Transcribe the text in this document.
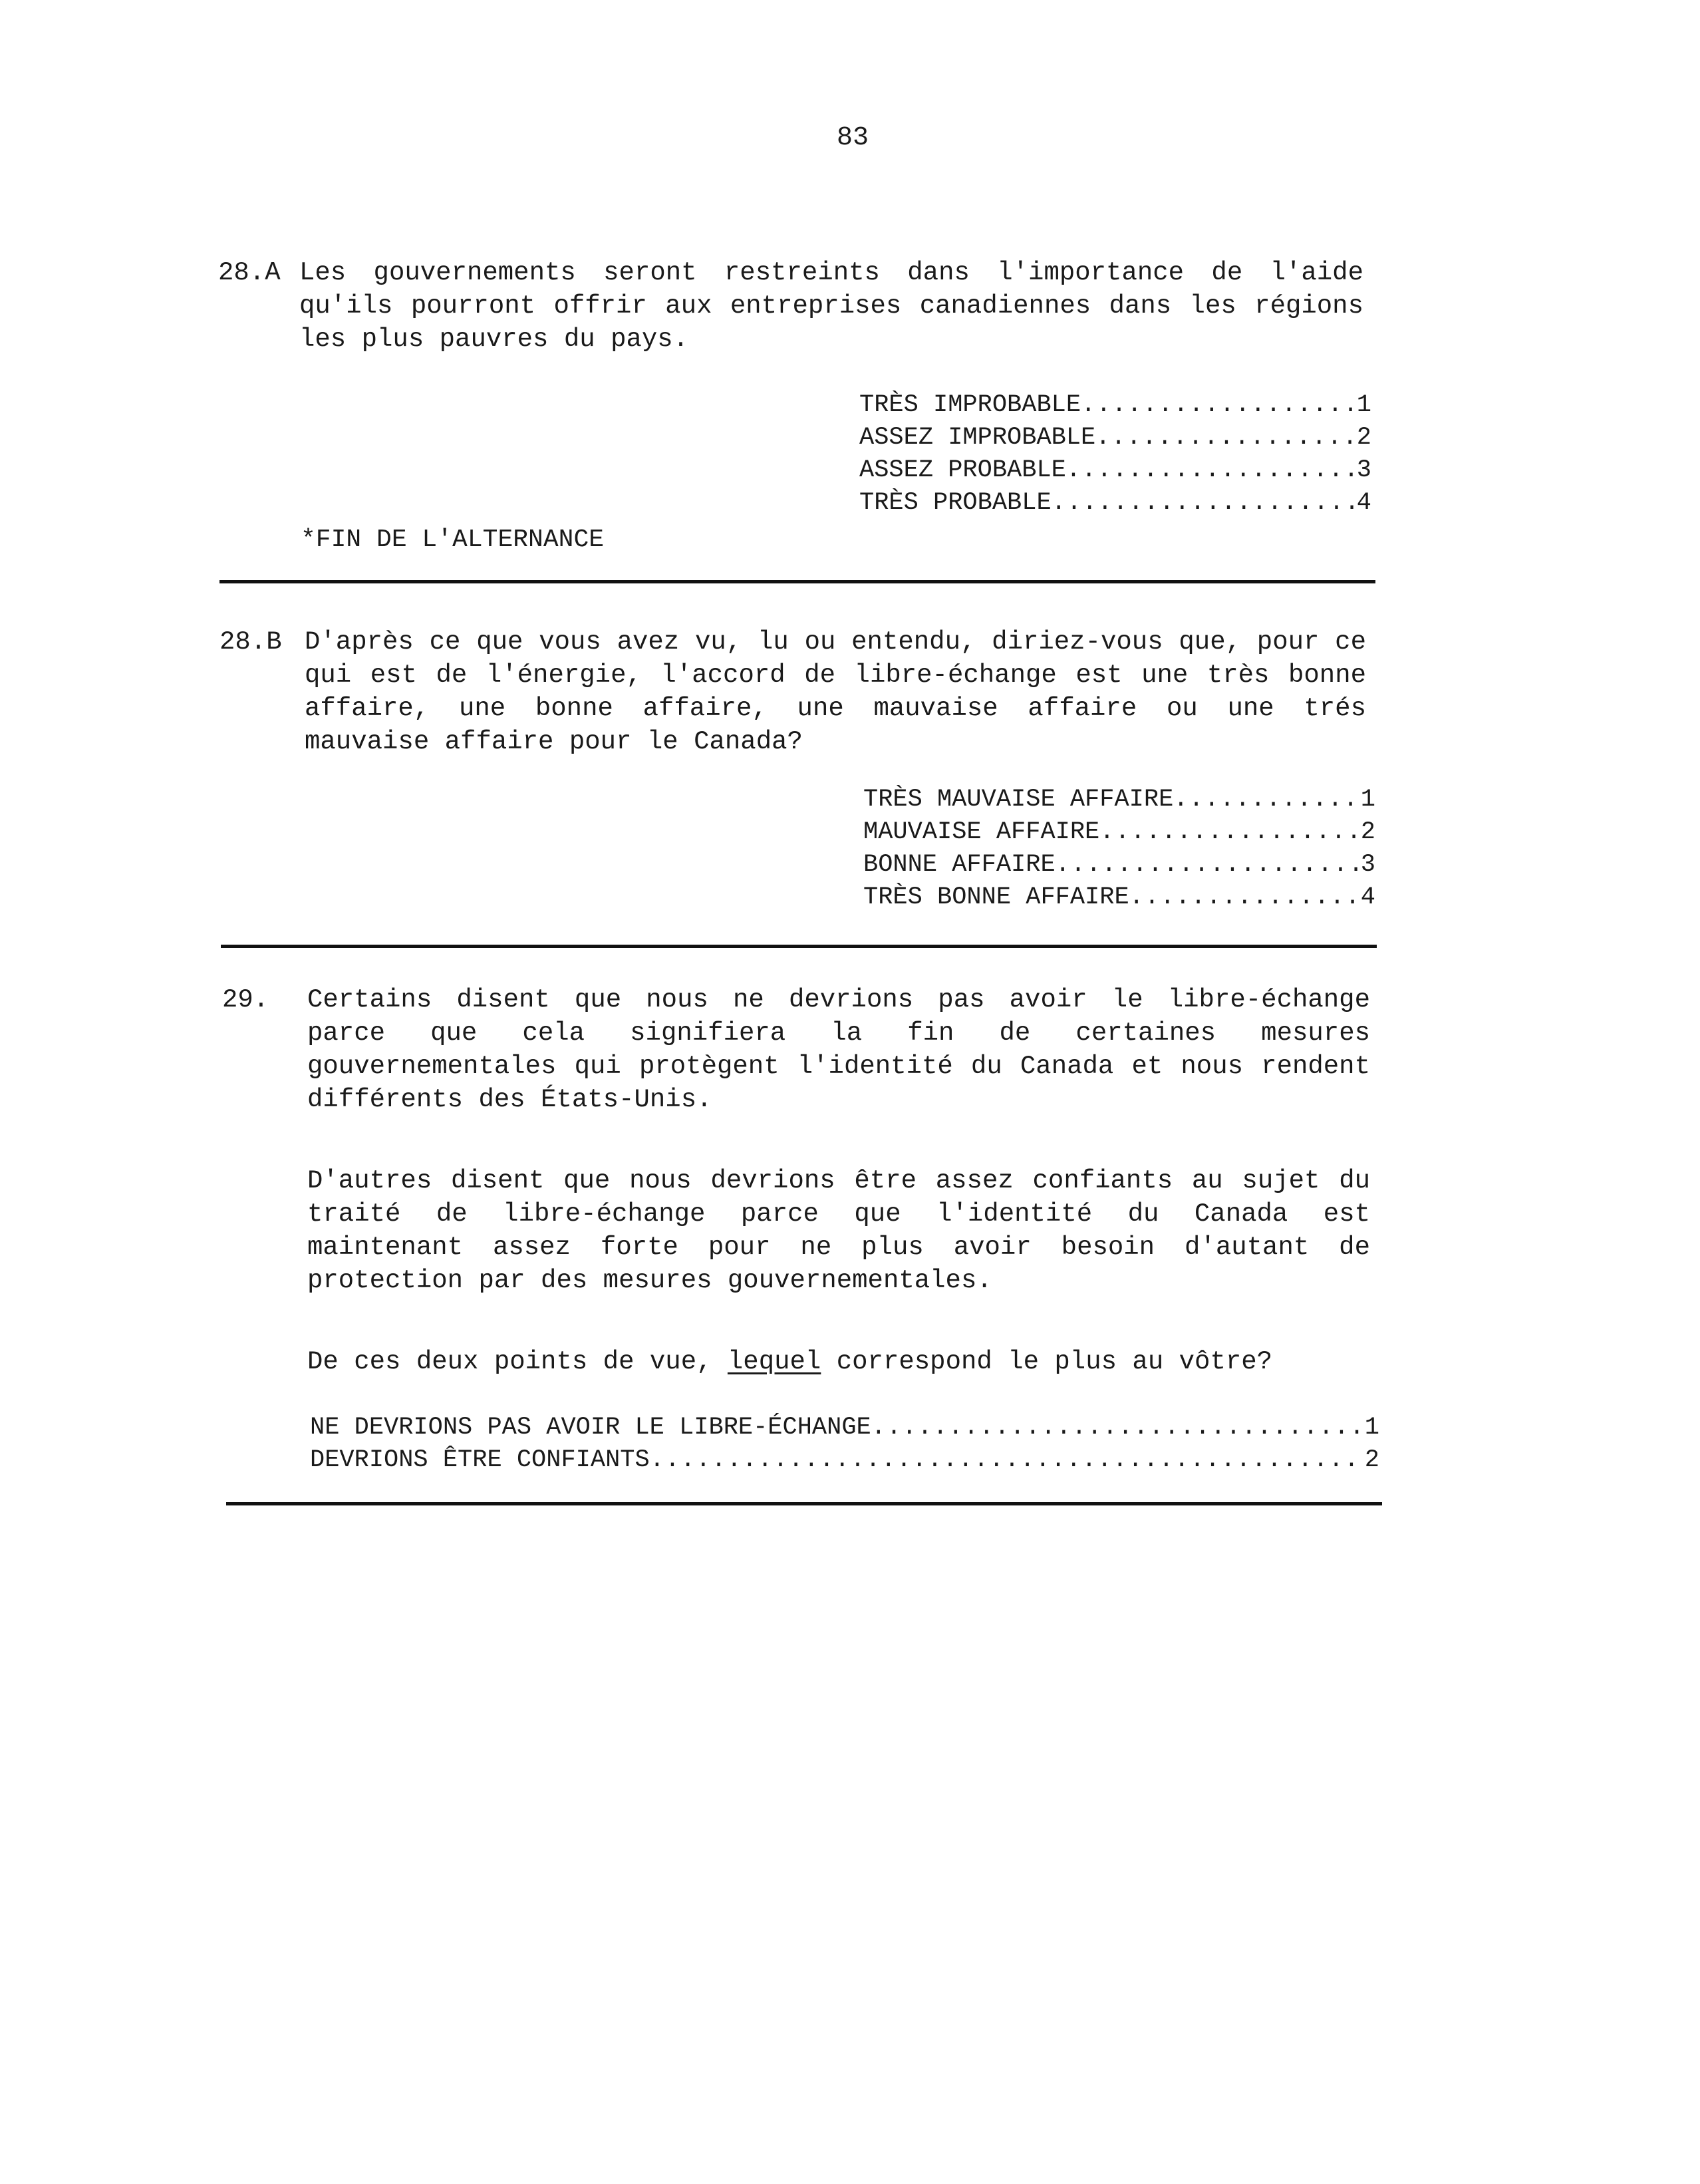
83
28.A Les gouvernements seront restreints dans l'importance de l'aide qu'ils pourront offrir aux entreprises canadiennes dans les régions les plus pauvres du pays.
TRÈS IMPROBABLE .....	1
ASSEZ IMPROBABLE .....	2
ASSEZ PROBABLE .....	3
TRÈS PROBABLE .....	4
*FIN DE L'ALTERNANCE
28.B D'après ce que vous avez vu, lu ou entendu, diriez-vous que, pour ce qui est de l'énergie, l'accord de libre-échange est une très bonne affaire, une bonne affaire, une mauvaise affaire ou une trés mauvaise affaire pour le Canada?
TRÈS MAUVAISE AFFAIRE .....	1
MAUVAISE AFFAIRE .....	2
BONNE AFFAIRE .....	3
TRÈS BONNE AFFAIRE .....	4
29. Certains disent que nous ne devrions pas avoir le libre-échange parce que cela signifiera la fin de certaines mesures gouvernementales qui protègent l'identité du Canada et nous rendent différents des États-Unis.

D'autres disent que nous devrions être assez confiants au sujet du traité de libre-échange parce que l'identité du Canada est maintenant assez forte pour ne plus avoir besoin d'autant de protection par des mesures gouvernementales.

De ces deux points de vue, lequel correspond le plus au vôtre?

NE DEVRIONS PAS AVOIR LE LIBRE-ÉCHANGE .....	1
DEVRIONS ÊTRE CONFIANTS .....	2
